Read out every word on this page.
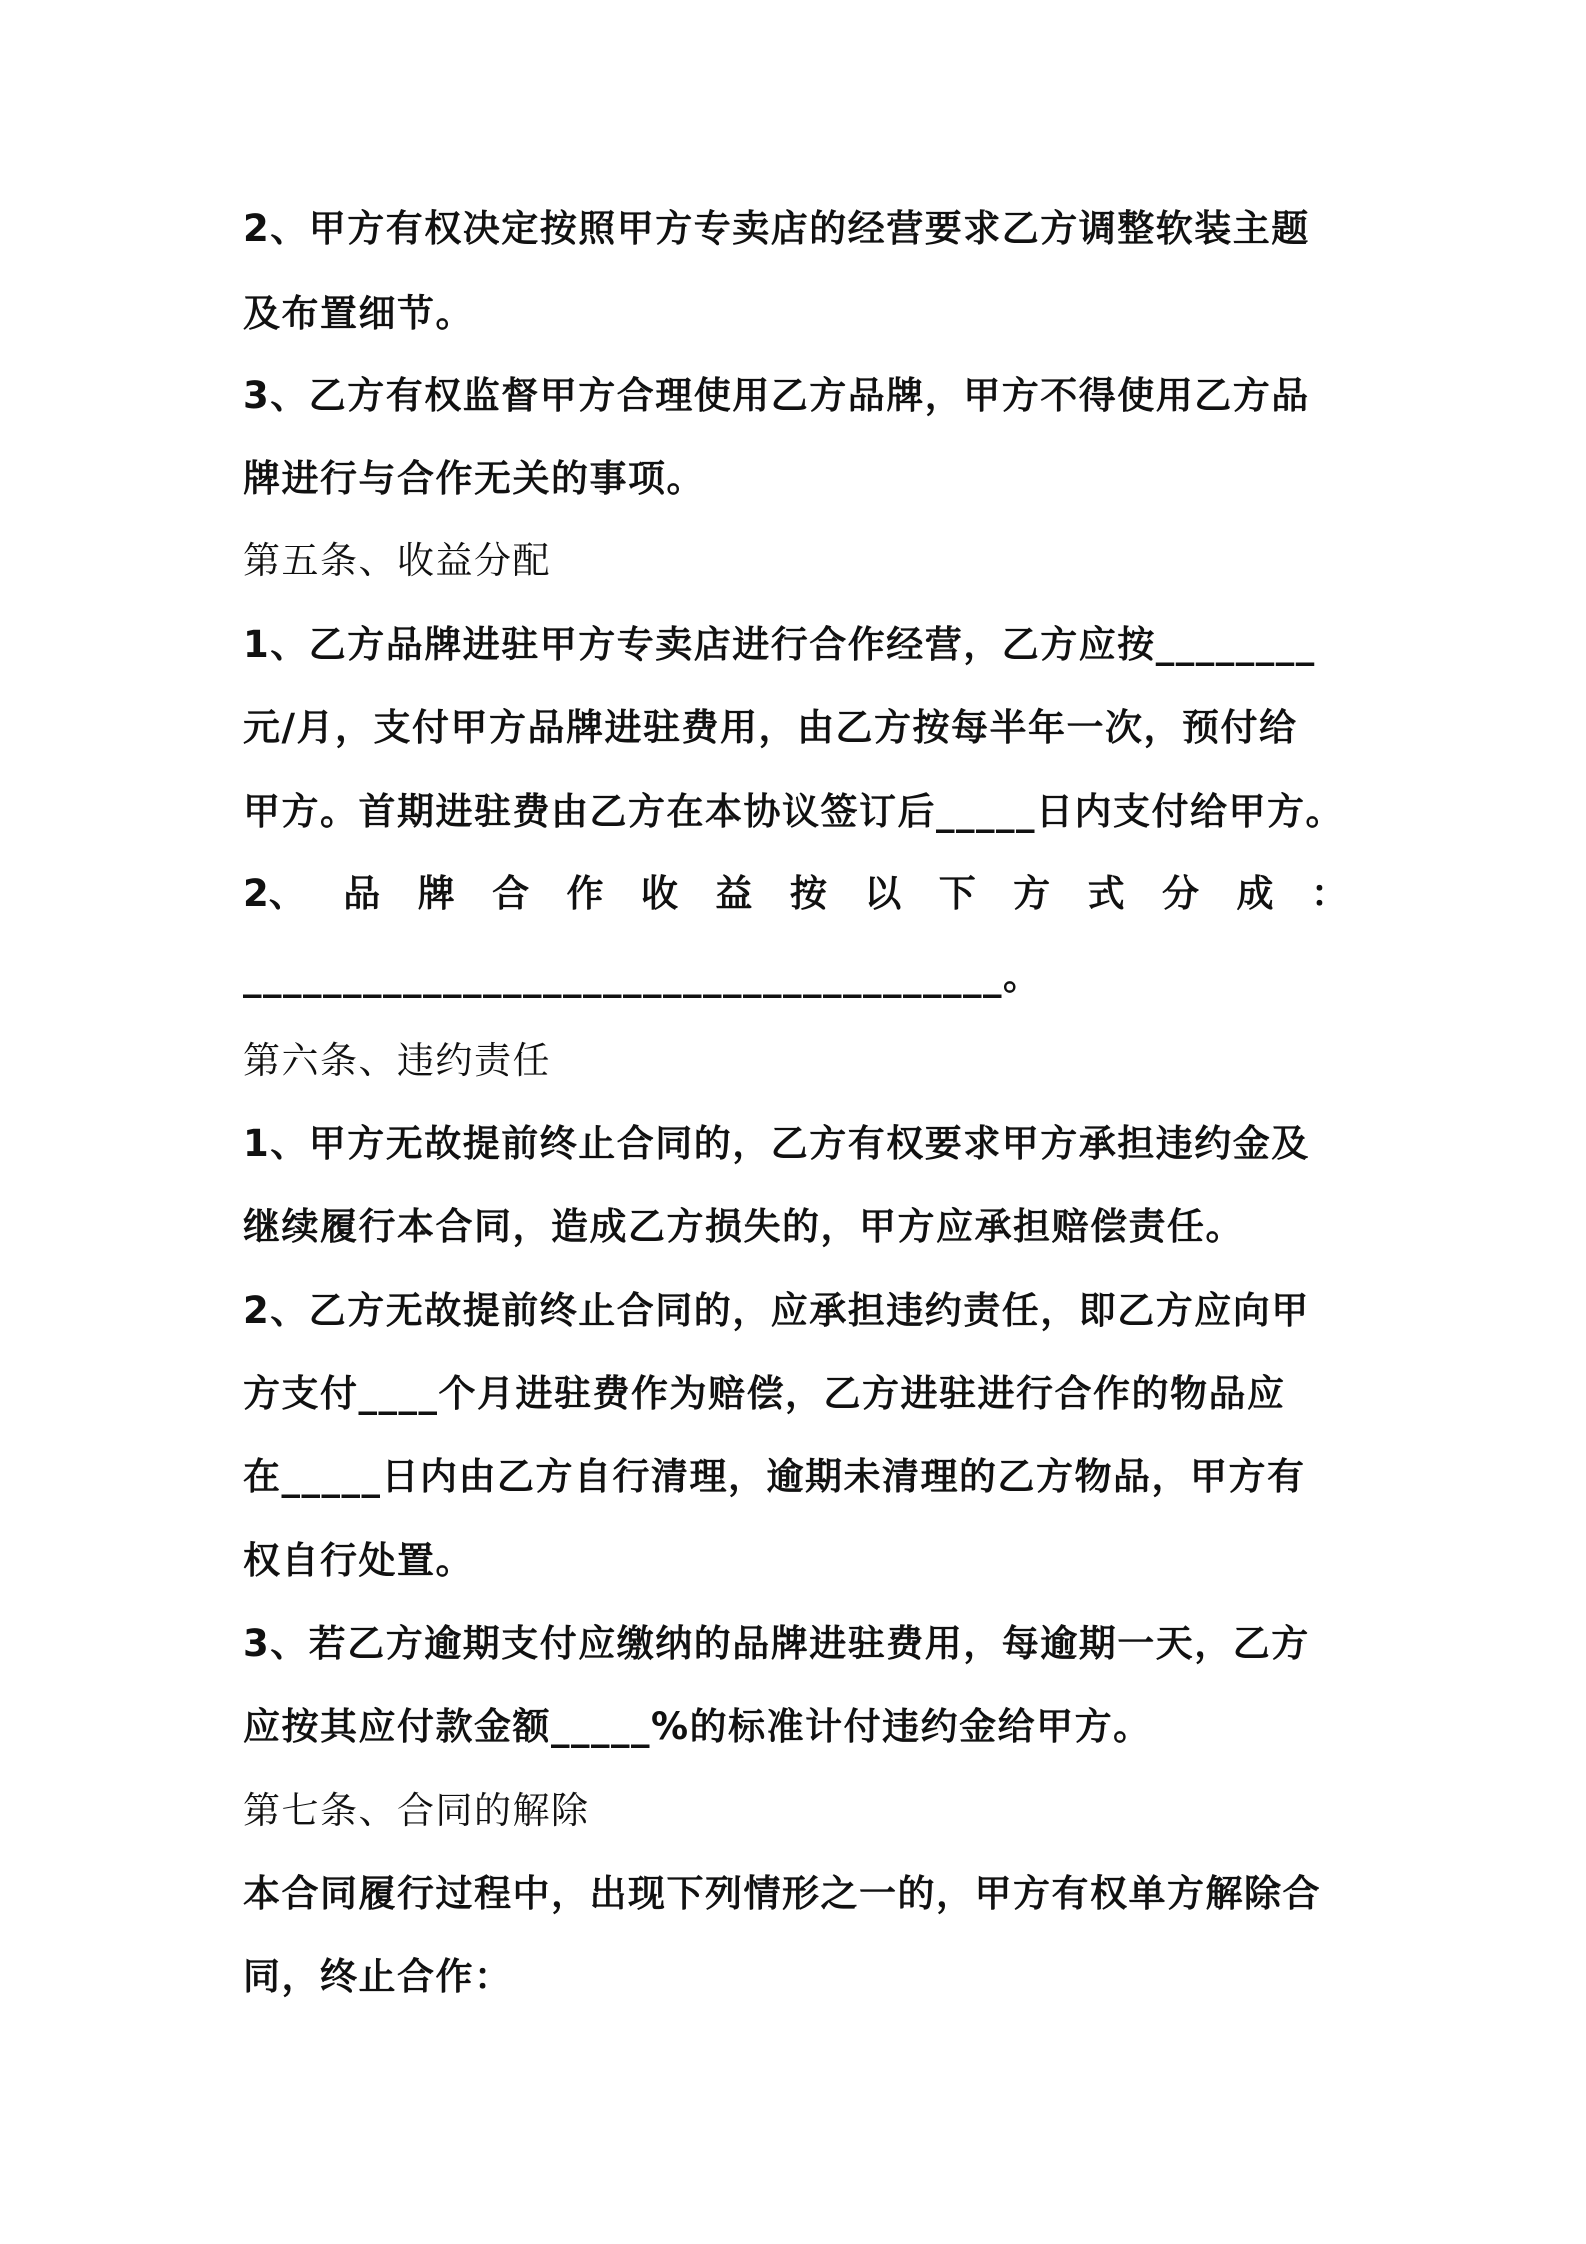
2、甲方有权决定按照甲方专卖店的经营要求乙方调整软装主题
及布置细节。
3、乙方有权监督甲方合理使用乙方品牌，甲方不得使用乙方品
牌进行与合作无关的事项。
第五条、收益分配
1、乙方品牌进驻甲方专卖店进行合作经营，乙方应按________
元/月，支付甲方品牌进驻费用，由乙方按每半年一次，预付给
甲方。首期进驻费由乙方在本协议签订后_____日内支付给甲方。
2、 品 牌 合 作 收 益 按 以 下 方 式 分 成 ：
______________________________________。
第六条、违约责任
1、甲方无故提前终止合同的，乙方有权要求甲方承担违约金及
继续履行本合同，造成乙方损失的，甲方应承担赔偿责任。
2、乙方无故提前终止合同的，应承担违约责任，即乙方应向甲
方支付____个月进驻费作为赔偿，乙方进驻进行合作的物品应
在_____日内由乙方自行清理，逾期未清理的乙方物品，甲方有
权自行处置。
3、若乙方逾期支付应缴纳的品牌进驻费用，每逾期一天，乙方
应按其应付款金额_____%的标准计付违约金给甲方。
第七条、合同的解除
本合同履行过程中，出现下列情形之一的，甲方有权单方解除合
同，终止合作：
